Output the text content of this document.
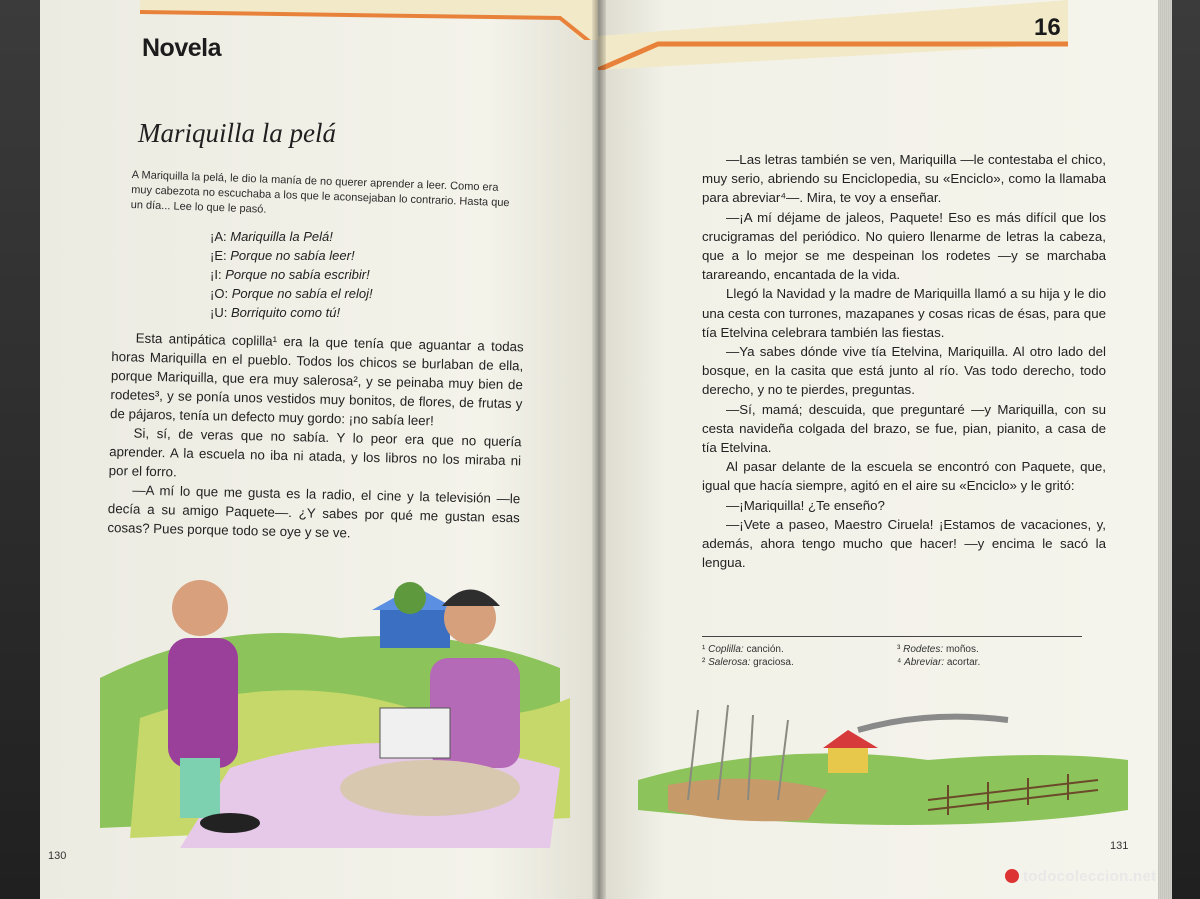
Novela
Mariquilla la pelá
A Mariquilla la pelá, le dio la manía de no querer aprender a leer. Como era muy cabezota no escuchaba a los que le aconsejaban lo contrario. Hasta que un día... Lee lo que le pasó.
¡A: Mariquilla la Pelá!
¡E: Porque no sabía leer!
¡I: Porque no sabía escribir!
¡O: Porque no sabía el reloj!
¡U: Borriquito como tú!

Esta antipática coplilla¹ era la que tenía que aguantar a todas horas Mariquilla en el pueblo. Todos los chicos se burlaban de ella, porque Mariquilla, que era muy salerosa², y se peinaba muy bien de rodetes³, y se ponía unos vestidos muy bonitos, de flores, de frutas y de pájaros, tenía un defecto muy gordo: ¡no sabía leer!

Si, sí, de veras que no sabía. Y lo peor era que no quería aprender. A la escuela no iba ni atada, y los libros no los miraba ni por el forro.

—A mí lo que me gusta es la radio, el cine y la televisión —le decía a su amigo Paquete—. ¿Y sabes por qué me gustan esas cosas? Pues porque todo se oye y se ve.

130
16

—Las letras también se ven, Mariquilla —le contestaba el chico, muy serio, abriendo su Enciclopedia, su «Enciclo», como la llamaba para abreviar⁴—. Mira, te voy a enseñar.

—¡A mí déjame de jaleos, Paquete! Eso es más difícil que los crucigramas del periódico. No quiero llenarme de letras la cabeza, que a lo mejor se me despeinan los rodetes —y se marchaba tarareando, encantada de la vida.

Llegó la Navidad y la madre de Mariquilla llamó a su hija y le dio una cesta con turrones, mazapanes y cosas ricas de ésas, para que tía Etelvina celebrara también las fiestas.

—Ya sabes dónde vive tía Etelvina, Mariquilla. Al otro lado del bosque, en la casita que está junto al río. Vas todo derecho, todo derecho, y no te pierdes, preguntas.

—Sí, mamá; descuida, que preguntaré —y Mariquilla, con su cesta navideña colgada del brazo, se fue, pian, pianito, a casa de tía Etelvina.

Al pasar delante de la escuela se encontró con Paquete, que, igual que hacía siempre, agitó en el aire su «Enciclo» y le gritó:

—¡Mariquilla! ¿Te enseño?

—¡Vete a paseo, Maestro Ciruela! ¡Estamos de vacaciones, y, además, ahora tengo mucho que hacer! —y encima le sacó la lengua.

¹ Coplilla: canción.	³ Rodetes: moños.
² Salerosa: graciosa.	⁴ Abreviar: acortar.
131
todocoleccion.net
